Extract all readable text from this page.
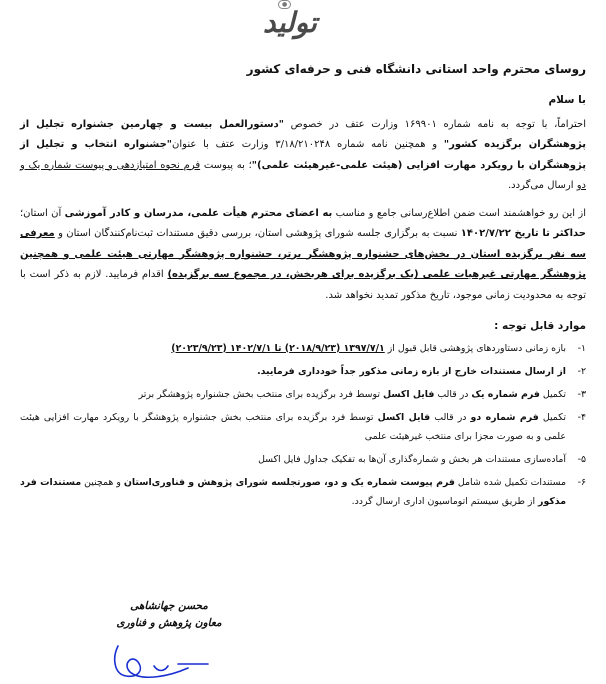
●
تولید
روسای محترم واحد استانی دانشگاه فنی و حرفه‌ای کشور
با سلام

احتراماً، با توجه به نامه شماره ۱۶۹۹۰۱ وزارت عتف در خصوص "دستورالعمل بیست و چهارمین جشنواره تجلیل از پژوهشگران برگزیده کشور" و همچنین نامه شماره ۳/۱۸/۲۱۰۲۴۸ وزارت عتف با عنوان"جشنواره انتخاب و تجلیل از پژوهشگران با رویکرد مهارت افزایی (هیئت علمی-غیرهیئت علمی)"؛ به پیوست فرم نحوه امتیازدهی و پیوست شماره یک و دو ارسال می‌گردد.

از این رو خواهشمند است ضمن اطلاع‌رسانی جامع و مناسب به اعضای محترم هیأت علمی، مدرسان و کادر آموزشی آن استان؛ حداکثر تا تاریخ ۱۴۰۲/۷/۲۲ نسبت به برگزاری جلسه شورای پژوهشی استان، بررسی دقیق مستندات ثبت‌نام‌کنندگان استان و معرفی سه نفر برگزیده استان در بخش‌های جشنواره پژوهشگر برتر، جشنواره پژوهشگر مهارتی هیئت علمی و همچنین پژوهشگر مهارتی غیرهیات علمی (یک برگزیده برای هربخش، در مجموع سه برگزیده) اقدام فرمایید. لازم به ذکر است با توجه به محدودیت زمانی موجود، تاریخ مذکور تمدید نخواهد شد.

موارد قابل توجه :
۱-
بازه زمانی دستاوردهای پژوهشی قابل قبول از ۱۳۹۷/۷/۱ (۲۰۱۸/۹/۲۳) تا ۱۴۰۲/۷/۱ (۲۰۲۳/۹/۲۳)
۲-
از ارسال مستندات خارج از بازه زمانی مذکور جداً خودداری فرمایید.
۳-
تکمیل فرم شماره یک در قالب فایل اکسل توسط فرد برگزیده برای منتخب بخش جشنواره پژوهشگر برتر
۴-
تکمیل فرم شماره دو در قالب فایل اکسل توسط فرد برگزیده برای منتخب بخش جشنواره پژوهشگر با رویکرد مهارت افزایی هیئت علمی و به صورت مجزا برای منتخب غیرهیئت علمی
۵-
آماده‌سازی مستندات هر بخش و شماره‌گذاری آن‌ها به تفکیک جداول فایل اکسل
۶-
مستندات تکمیل شده شامل فرم پیوست شماره یک و دو، صورتجلسه شورای پژوهش و فناوری‌استان و همچنین مستندات فرد مذکور از طریق سیستم اتوماسیون اداری ارسال گردد.
محسن جهانشاهی
معاون پژوهش و فناوری
